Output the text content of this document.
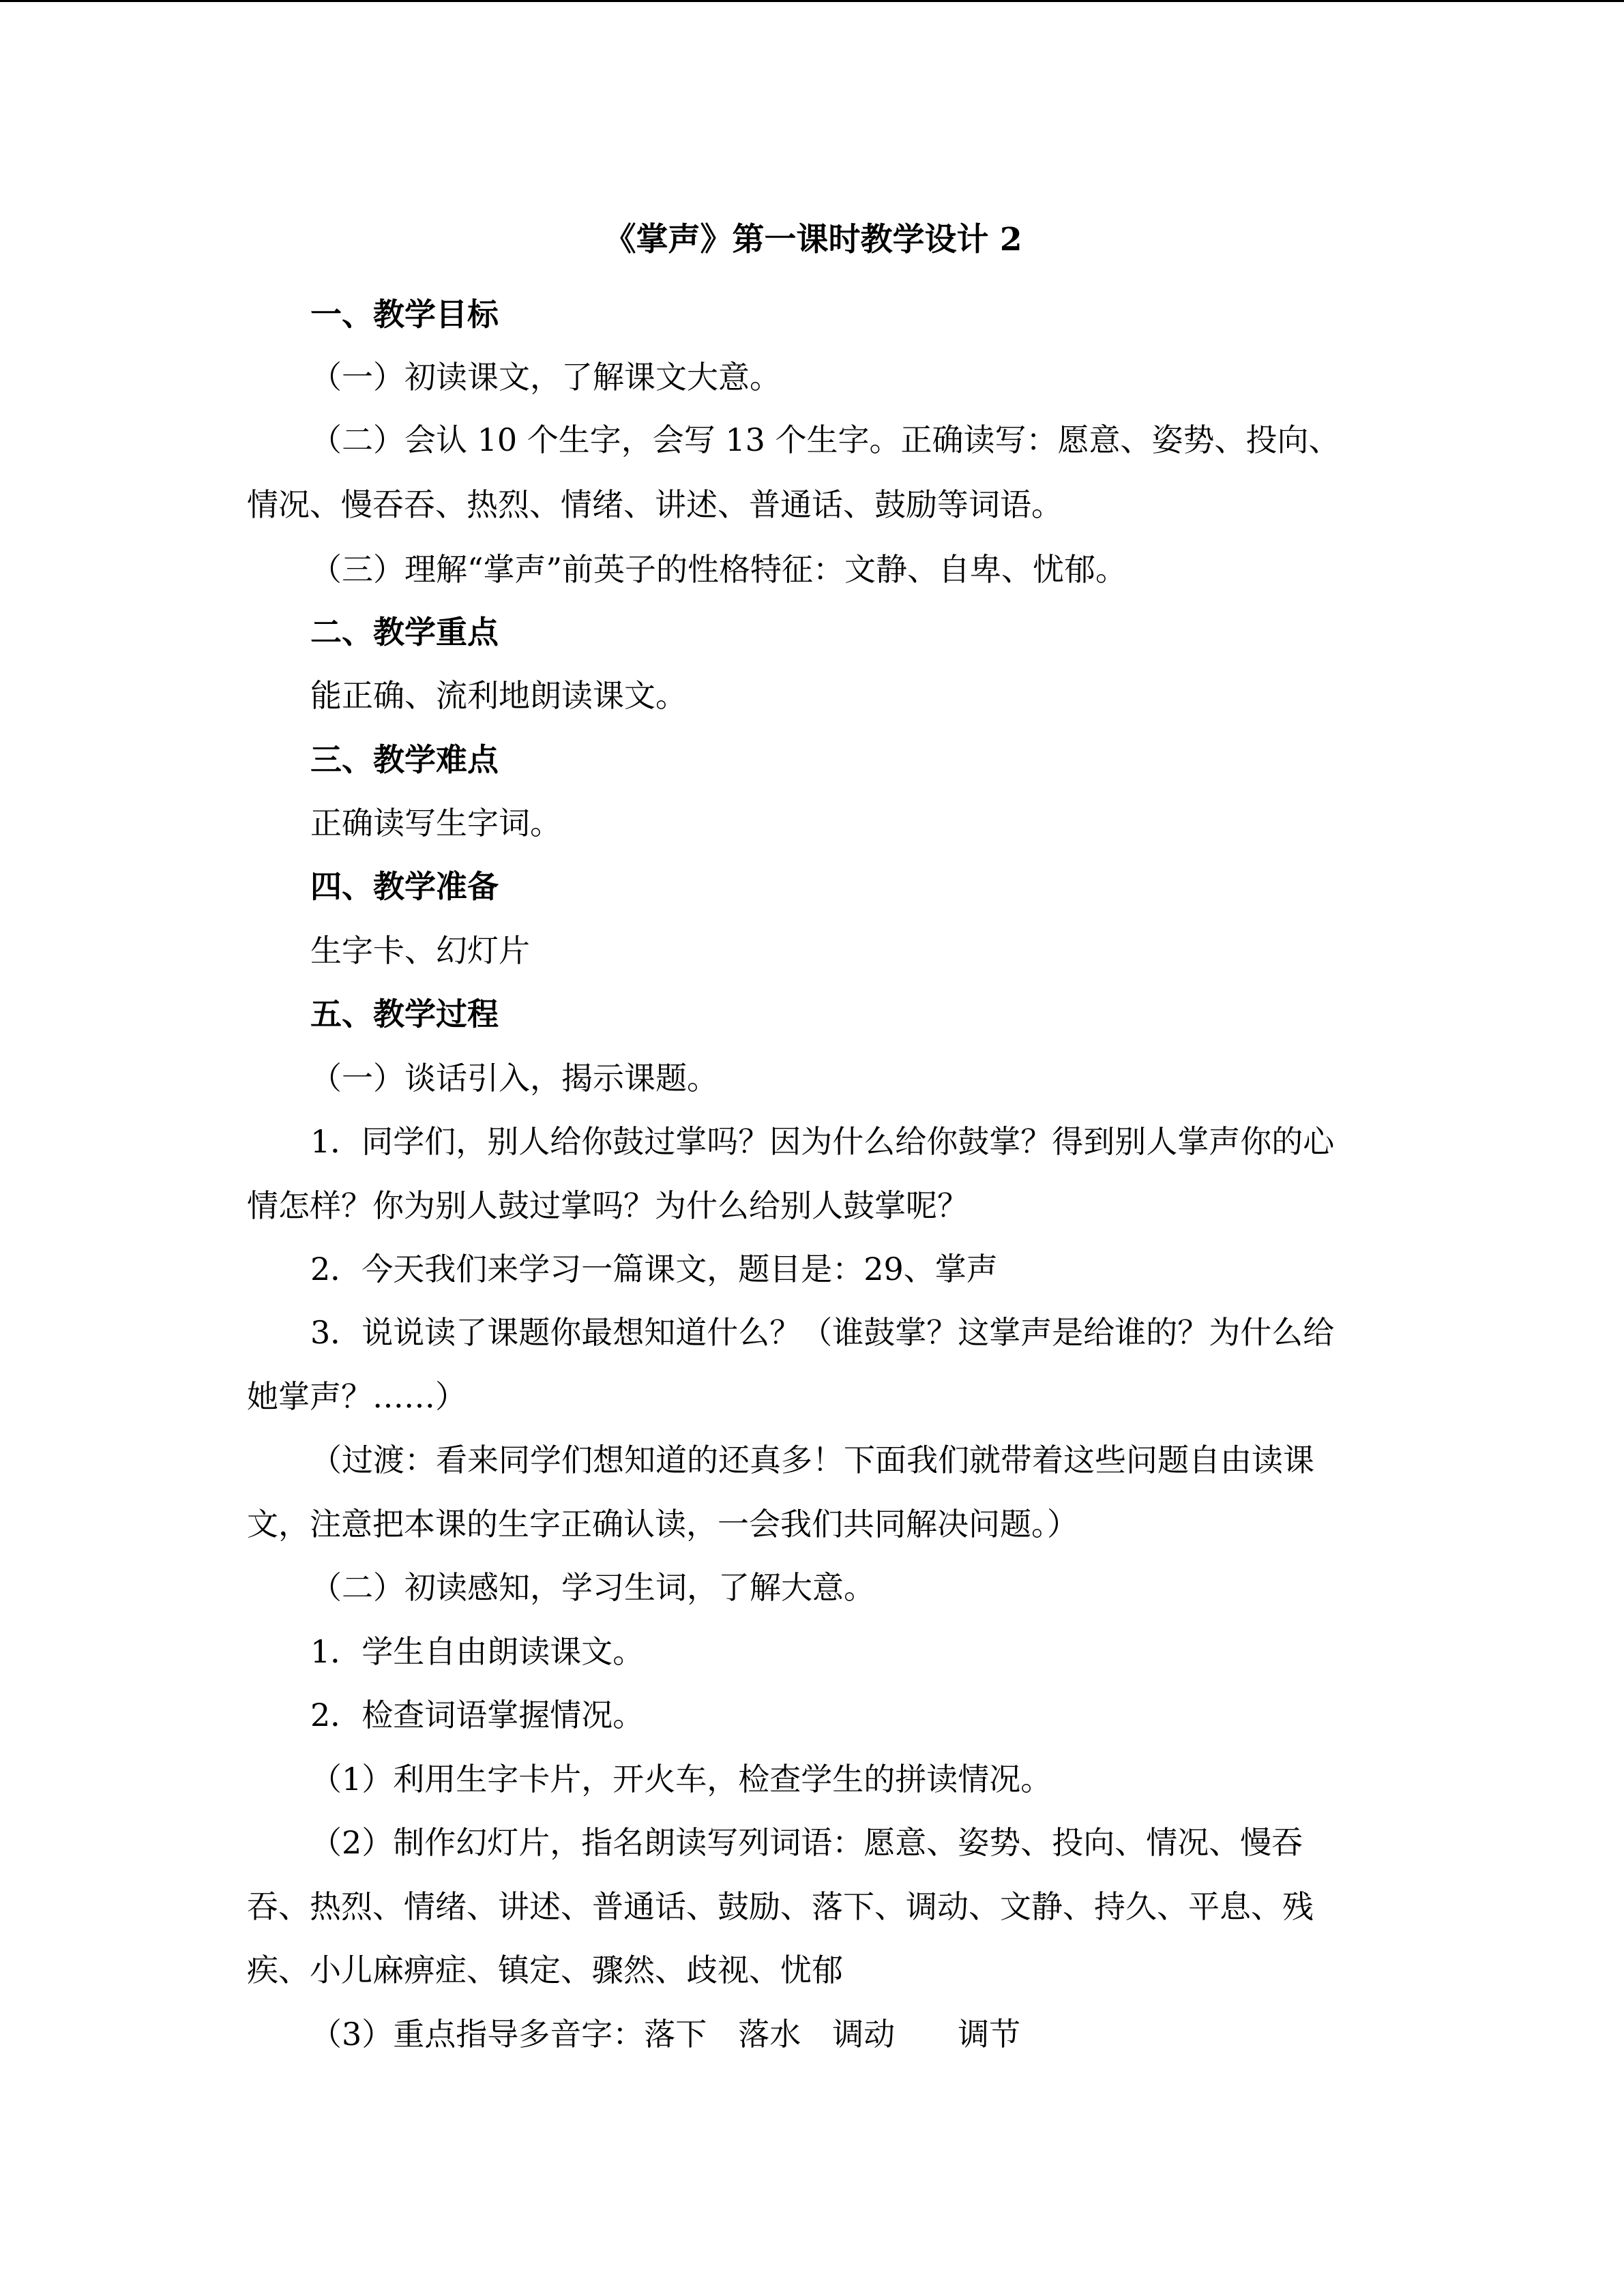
《掌声》第一课时教学设计 2
一、教学目标
（一）初读课文，了解课文大意。
（二）会认 10 个生字，会写 13 个生字。正确读写：愿意、姿势、投向、
情况、慢吞吞、热烈、情绪、讲述、普通话、鼓励等词语。
（三）理解“掌声”前英子的性格特征：文静、自卑、忧郁。
二、教学重点
能正确、流利地朗读课文。
三、教学难点
正确读写生字词。
四、教学准备
生字卡、幻灯片
五、教学过程
（一）谈话引入，揭示课题。
1．同学们，别人给你鼓过掌吗？因为什么给你鼓掌？得到别人掌声你的心
情怎样？你为别人鼓过掌吗？为什么给别人鼓掌呢？
2．今天我们来学习一篇课文，题目是：29、掌声
3．说说读了课题你最想知道什么？（谁鼓掌？这掌声是给谁的？为什么给
她掌声？……）
（过渡：看来同学们想知道的还真多！下面我们就带着这些问题自由读课
文，注意把本课的生字正确认读，一会我们共同解决问题。）
（二）初读感知，学习生词，了解大意。
1．学生自由朗读课文。
2．检查词语掌握情况。
（1）利用生字卡片，开火车，检查学生的拼读情况。
（2）制作幻灯片，指名朗读写列词语：愿意、姿势、投向、情况、慢吞
吞、热烈、情绪、讲述、普通话、鼓励、落下、调动、文静、持久、平息、残
疾、小儿麻痹症、镇定、骤然、歧视、忧郁
（3）重点指导多音字：落下　落水　调动　　调节
